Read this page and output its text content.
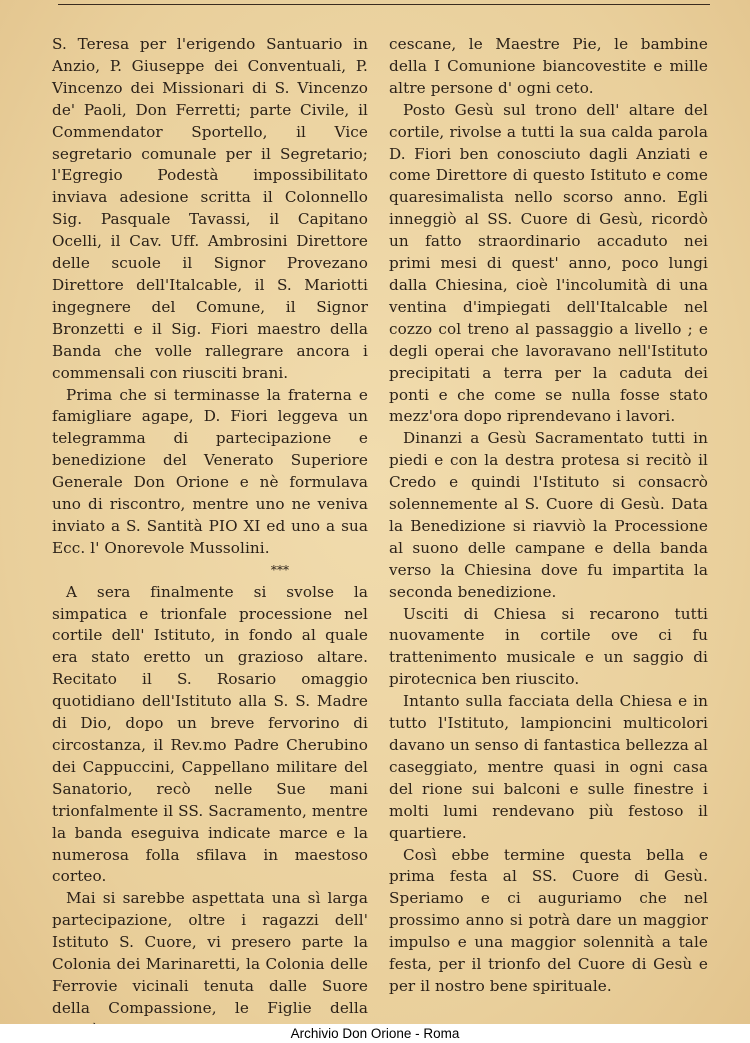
S. Teresa per l'erigendo Santuario in Anzio, P. Giuseppe dei Conventuali, P. Vincenzo dei Missionari di S. Vincenzo de' Paoli, Don Ferretti; parte Civile, il Commendator Sportello, il Vice segretario comunale per il Segretario; l'Egregio Podestà impossibilitato inviava adesione scritta il Colonnello Sig. Pasquale Tavassi, il Capitano Ocelli, il Cav. Uff. Ambrosini Direttore delle scuole il Signor Provezano Direttore dell'Italcable, il S. Mariotti ingegnere del Comune, il Signor Bronzetti e il Sig. Fiori maestro della Banda che volle rallegrare ancora i commensali con riusciti brani.

Prima che si terminasse la fraterna e famigliare agape, D. Fiori leggeva un telegramma di partecipazione e benedizione del Venerato Superiore Generale Don Orione e nè formulava uno di riscontro, mentre uno ne veniva inviato a S. Santità PIO XI ed uno a sua Ecc. l' Onorevole Mussolini.

***

A sera finalmente si svolse la simpatica e trionfale processione nel cortile dell' Istituto, in fondo al quale era stato eretto un grazioso altare. Recitato il S. Rosario omaggio quotidiano dell'Istituto alla S. S. Madre di Dio, dopo un breve fervorino di circostanza, il Rev.mo Padre Cherubino dei Cappuccini, Cappellano militare del Sanatorio, recò nelle Sue mani trionfalmente il SS. Sacramento, mentre la banda eseguiva indicate marce e la numerosa folla sfilava in maestoso corteo.

Mai si sarebbe aspettata una sì larga partecipazione, oltre i ragazzi dell' Istituto S. Cuore, vi presero parte la Colonia dei Marinaretti, la Colonia delle Ferrovie vicinali tenuta dalle Suore della Compassione, le Figlie della

cescane, le Maestre Pie, le bambine della I Comunione biancovestite e mille altre persone d' ogni ceto.

Posto Gesù sul trono dell' altare del cortile, rivolse a tutti la sua calda parola D. Fiori ben conosciuto dagli Anziati e come Direttore di questo Istituto e come quaresimalista nello scorso anno. Egli inneggiò al SS. Cuore di Gesù, ricordò un fatto straordinario accaduto nei primi mesi di quest' anno, poco lungi dalla Chiesina, cioè l'incolumità di una ventina d'impiegati dell'Italcable nel cozzo col treno al passaggio a livello ; e degli operai che lavoravano nell'Istituto precipitati a terra per la caduta dei ponti e che come se nulla fosse stato mezz'ora dopo riprendevano i lavori.

Dinanzi a Gesù Sacramentato tutti in piedi e con la destra protesa si recitò il Credo e quindi l'Istituto si consacrò solennemente al S. Cuore di Gesù. Data la Benedizione si riavviò la Processione al suono delle campane e della banda verso la Chiesina dove fu impartita la seconda benedizione.

Usciti di Chiesa si recarono tutti nuovamente in cortile ove ci fu trattenimento musicale e un saggio di pirotecnica ben riuscito.

Intanto sulla facciata della Chiesa e in tutto l'Istituto, lampioncini multicolori davano un senso di fantastica bellezza al caseggiato, mentre quasi in ogni casa del rione sui balconi e sulle finestre i molti lumi rendevano più festoso il quartiere.

Così ebbe termine questa bella e prima festa al SS. Cuore di Gesù. Speriamo e ci auguriamo che nel prossimo anno si potrà dare un maggior impulso e una maggior solennità a tale festa, per il trionfo del Cuore di Gesù e per il nostro bene spirituale.

Archivio Don Orione - Roma
